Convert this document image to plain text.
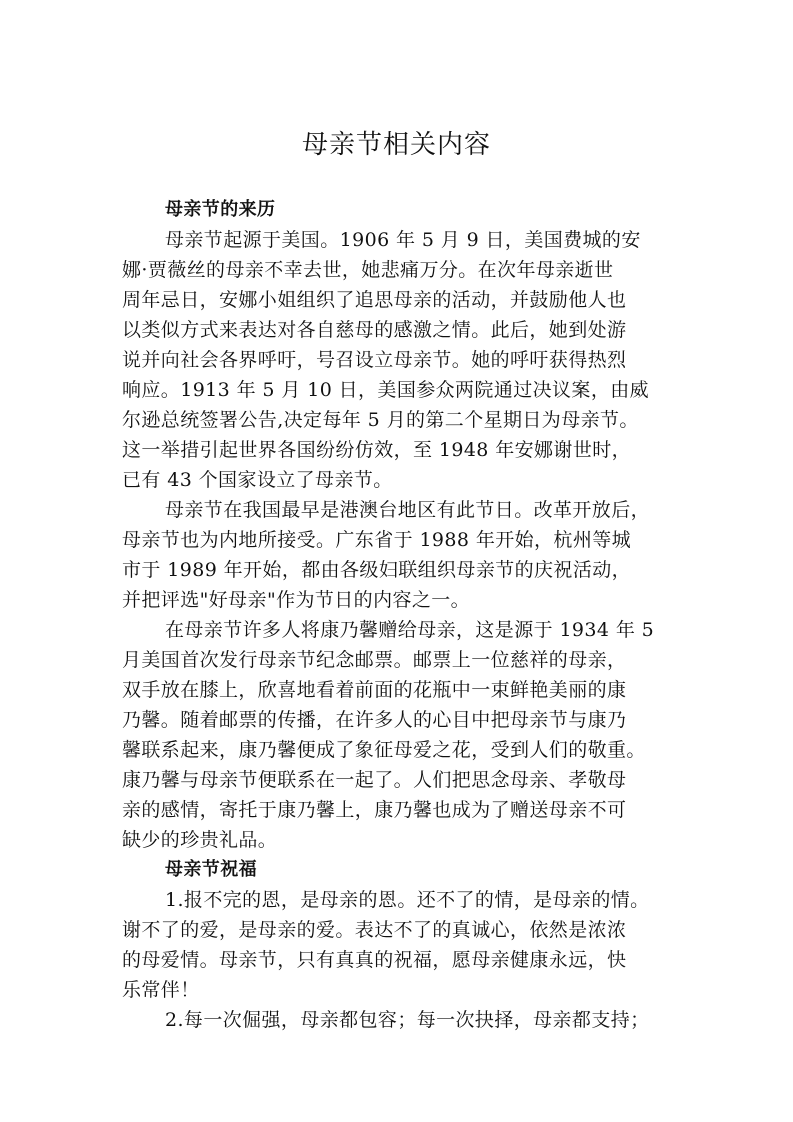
母亲节相关内容
母亲节的来历
母亲节起源于美国。1906 年 5 月 9 日，美国费城的安
娜·贾薇丝的母亲不幸去世，她悲痛万分。在次年母亲逝世
周年忌日，安娜小姐组织了追思母亲的活动，并鼓励他人也
以类似方式来表达对各自慈母的感激之情。此后，她到处游
说并向社会各界呼吁，号召设立母亲节。她的呼吁获得热烈
响应。1913 年 5 月 10 日，美国参众两院通过决议案，由威
尔逊总统签署公告,决定每年 5 月的第二个星期日为母亲节。
这一举措引起世界各国纷纷仿效，至 1948 年安娜谢世时，
已有 43 个国家设立了母亲节。
母亲节在我国最早是港澳台地区有此节日。改革开放后，
母亲节也为内地所接受。广东省于 1988 年开始，杭州等城
市于 1989 年开始，都由各级妇联组织母亲节的庆祝活动，
并把评选"好母亲"作为节日的内容之一。
在母亲节许多人将康乃馨赠给母亲，这是源于 1934 年 5
月美国首次发行母亲节纪念邮票。邮票上一位慈祥的母亲，
双手放在膝上，欣喜地看着前面的花瓶中一束鲜艳美丽的康
乃馨。随着邮票的传播，在许多人的心目中把母亲节与康乃
馨联系起来，康乃馨便成了象征母爱之花，受到人们的敬重。
康乃馨与母亲节便联系在一起了。人们把思念母亲、孝敬母
亲的感情，寄托于康乃馨上，康乃馨也成为了赠送母亲不可
缺少的珍贵礼品。
母亲节祝福
1.报不完的恩，是母亲的恩。还不了的情，是母亲的情。
谢不了的爱，是母亲的爱。表达不了的真诚心，依然是浓浓
的母爱情。母亲节，只有真真的祝福，愿母亲健康永远，快
乐常伴！
2.每一次倔强，母亲都包容；每一次抉择，母亲都支持；
